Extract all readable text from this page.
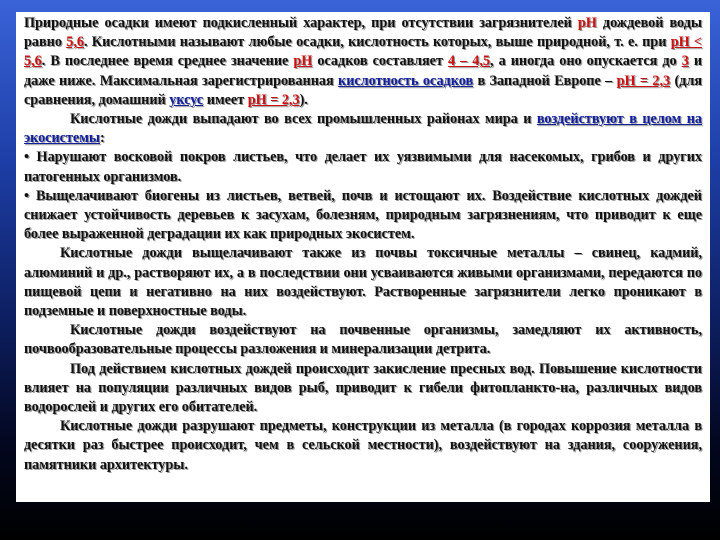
Природные осадки имеют подкисленный характер, при отсутствии загрязнителей рН дождевой воды равно 5,6. Кислотными называют любые осадки, кислотность которых, выше природной, т. е. при рН < 5,6. В последнее время среднее значение рН осадков составляет 4 – 4,5, а иногда оно опускается до 3 и даже ниже. Максимальная зарегистрированная кислотность осадков в Западной Европе – рН = 2,3 (для сравнения, домашний уксус имеет рН = 2,3).

Кислотные дожди выпадают во всех промышленных районах мира и воздействуют в целом на экосистемы:

• Нарушают восковой покров листьев, что делает их уязвимыми для насекомых, грибов и других патогенных организмов.

• Выщелачивают биогены из листьев, ветвей, почв и истощают их. Воздействие кислотных дождей снижает устойчивость деревьев к засухам, болезням, природным загрязнениям, что приводит к еще более выраженной деградации их как природных экосистем.

Кислотные дожди выщелачивают также из почвы токсичные металлы – свинец, кадмий, алюминий и др., растворяют их, а в последствии они усваиваются живыми организмами, передаются по пищевой цепи и негативно на них воздействуют. Растворенные загрязнители легко проникают в подземные и поверхностные воды.

Кислотные дожди воздействуют на почвенные организмы, замедляют их активность, почвообразовательные процессы разложения и минерализации детрита.

Под действием кислотных дождей происходит закисление пресных вод. Повышение кислотности влияет на популяции различных видов рыб, приводит к гибели фитопланкто-на, различных видов водорослей и других его обитателей.

Кислотные дожди разрушают предметы, конструкции из металла (в городах коррозия металла в десятки раз быстрее происходит, чем в сельской местности), воздействуют на здания, сооружения, памятники архитектуры.
